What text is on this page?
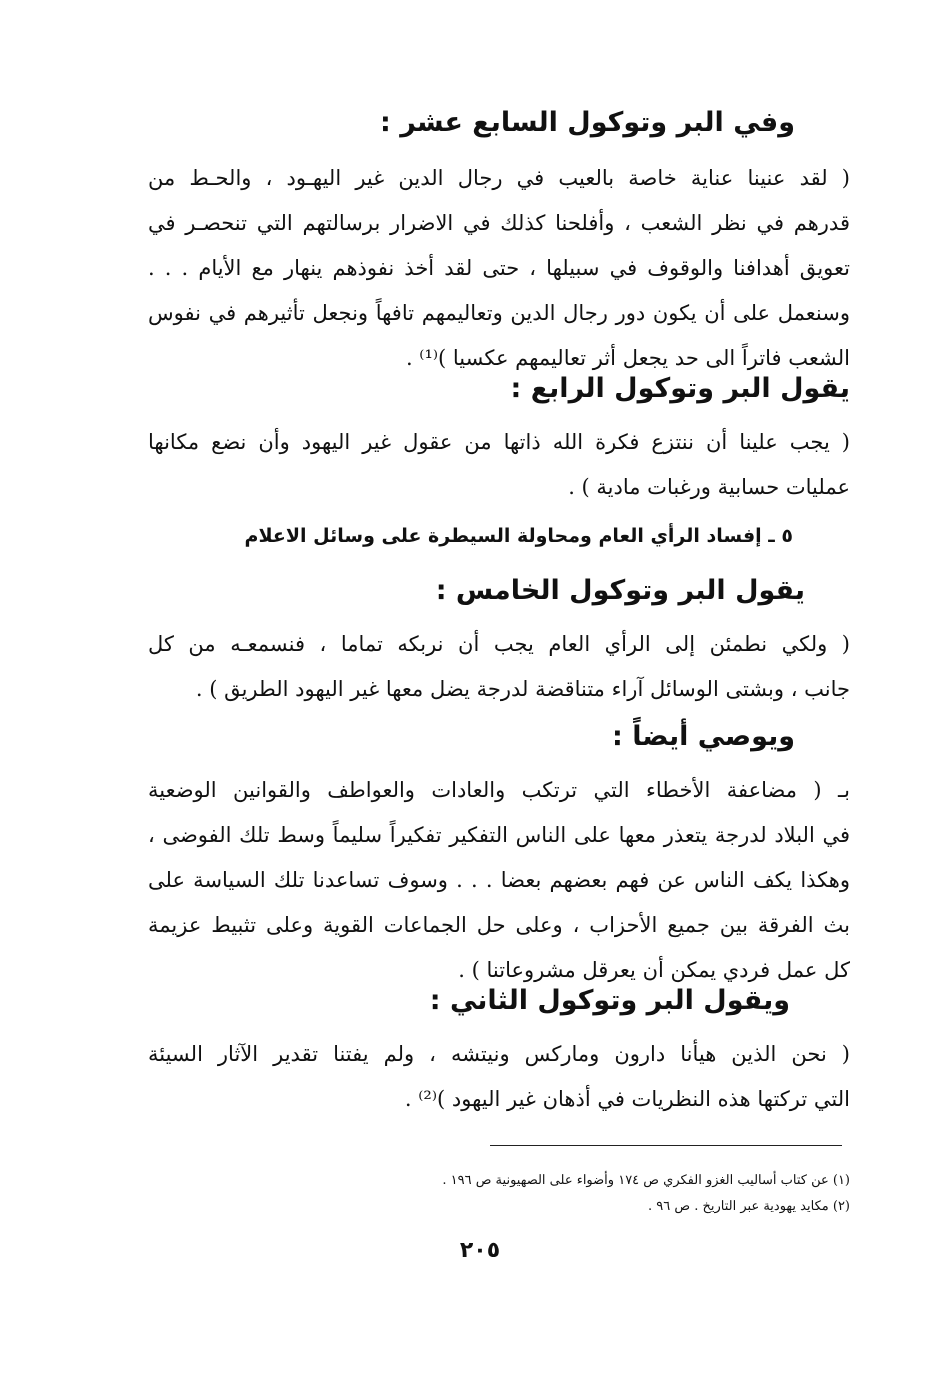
وفي البر وتوكول السابع عشر :
( لقد عنينا عناية خاصة بالعيب في رجال الدين غير اليهـود ، والحـط من
قدرهم في نظر الشعب ، وأفلحنا كذلك في الاضرار برسالتهم التي تنحصـر في
تعويق أهدافنا والوقوف في سبيلها ، حتى لقد أخذ نفوذهم ينهار مع الأيام . . .
وسنعمل على أن يكون دور رجال الدين وتعاليمهم تافهاً ونجعل تأثيرهم في نفوس
الشعب فاتراً الى حد يجعل أثر تعاليمهم عكسيا )⁽¹⁾ .
يقول البر وتوكول الرابع :
( يجب علينا أن ننتزع فكرة الله ذاتها من عقول غير اليهود وأن نضع مكانها
عمليات حسابية ورغبات مادية ) .
٥ ـ إفساد الرأي العام ومحاولة السيطرة على وسائل الاعلام
يقول البر وتوكول الخامس :
( ولكي نطمئن إلى الرأي العام يجب أن نربكه تماما ، فنسمعـه من كل
جانب ، وبشتى الوسائل آراء متناقضة لدرجة يضل معها غير اليهود الطريق ) .
ويوصي أيضاً :
بـ ( مضاعفة الأخطاء التي ترتكب والعادات والعواطف والقوانين الوضعية
في البلاد لدرجة يتعذر معها على الناس التفكير تفكيراً سليماً وسط تلك الفوضى ،
وهكذا يكف الناس عن فهم بعضهم بعضا . . . وسوف تساعدنا تلك السياسة على
بث الفرقة بين جميع الأحزاب ، وعلى حل الجماعات القوية وعلى تثبيط عزيمة
كل عمل فردي يمكن أن يعرقل مشروعاتنا ) .
ويقول البر وتوكول الثاني :
( نحن الذين هيأنا دارون وماركس ونيتشه ، ولم يفتنا تقدير الآثار السيئة
التي تركتها هذه النظريات في أذهان غير اليهود )⁽²⁾ .
(١) عن كتاب أساليب الغزو الفكري ص ١٧٤ وأضواء على الصهيونية ص ١٩٦ .
(٢) مكايد يهودية عبر التاريخ . ص ٩٦ .
٢٠٥
